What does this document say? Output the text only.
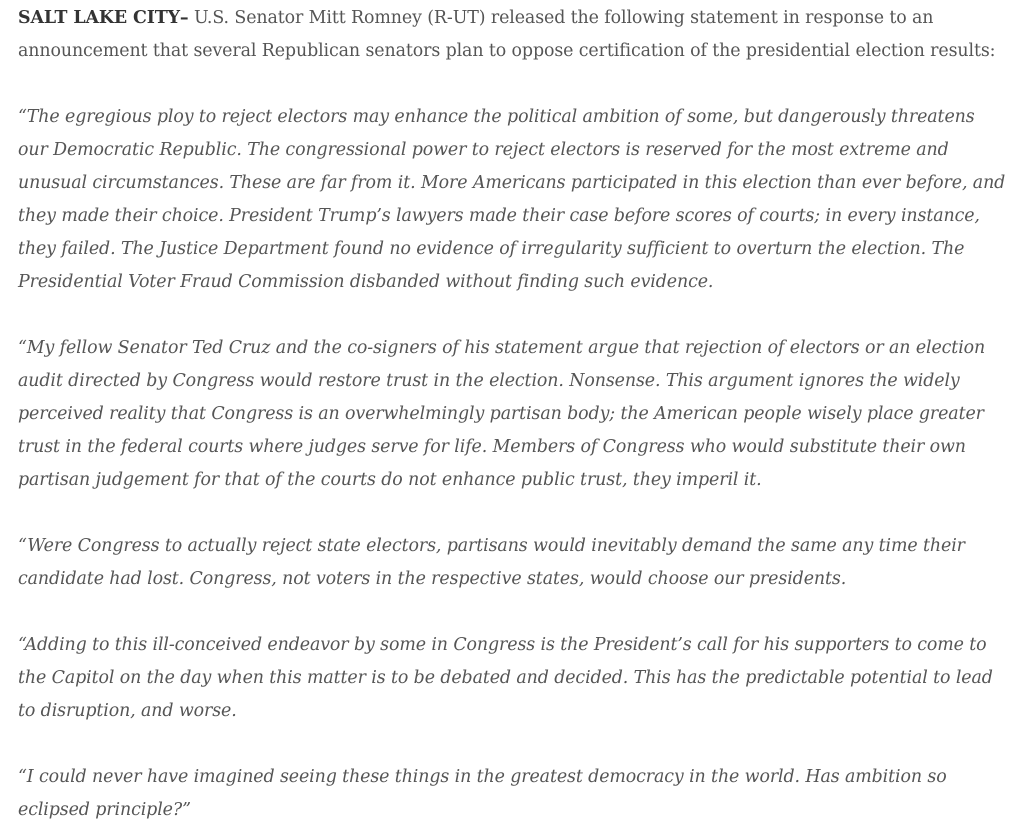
SALT LAKE CITY– U.S. Senator Mitt Romney (R-UT) released the following statement in response to an announcement that several Republican senators plan to oppose certification of the presidential election results:

“The egregious ploy to reject electors may enhance the political ambition of some, but dangerously threatens our Democratic Republic. The congressional power to reject electors is reserved for the most extreme and unusual circumstances. These are far from it. More Americans participated in this election than ever before, and they made their choice. President Trump’s lawyers made their case before scores of courts; in every instance, they failed. The Justice Department found no evidence of irregularity sufficient to overturn the election. The Presidential Voter Fraud Commission disbanded without finding such evidence.

“My fellow Senator Ted Cruz and the co-signers of his statement argue that rejection of electors or an election audit directed by Congress would restore trust in the election. Nonsense. This argument ignores the widely perceived reality that Congress is an overwhelmingly partisan body; the American people wisely place greater trust in the federal courts where judges serve for life. Members of Congress who would substitute their own partisan judgement for that of the courts do not enhance public trust, they imperil it.

“Were Congress to actually reject state electors, partisans would inevitably demand the same any time their candidate had lost. Congress, not voters in the respective states, would choose our presidents.

“Adding to this ill-conceived endeavor by some in Congress is the President’s call for his supporters to come to the Capitol on the day when this matter is to be debated and decided. This has the predictable potential to lead to disruption, and worse.

“I could never have imagined seeing these things in the greatest democracy in the world. Has ambition so eclipsed principle?”
